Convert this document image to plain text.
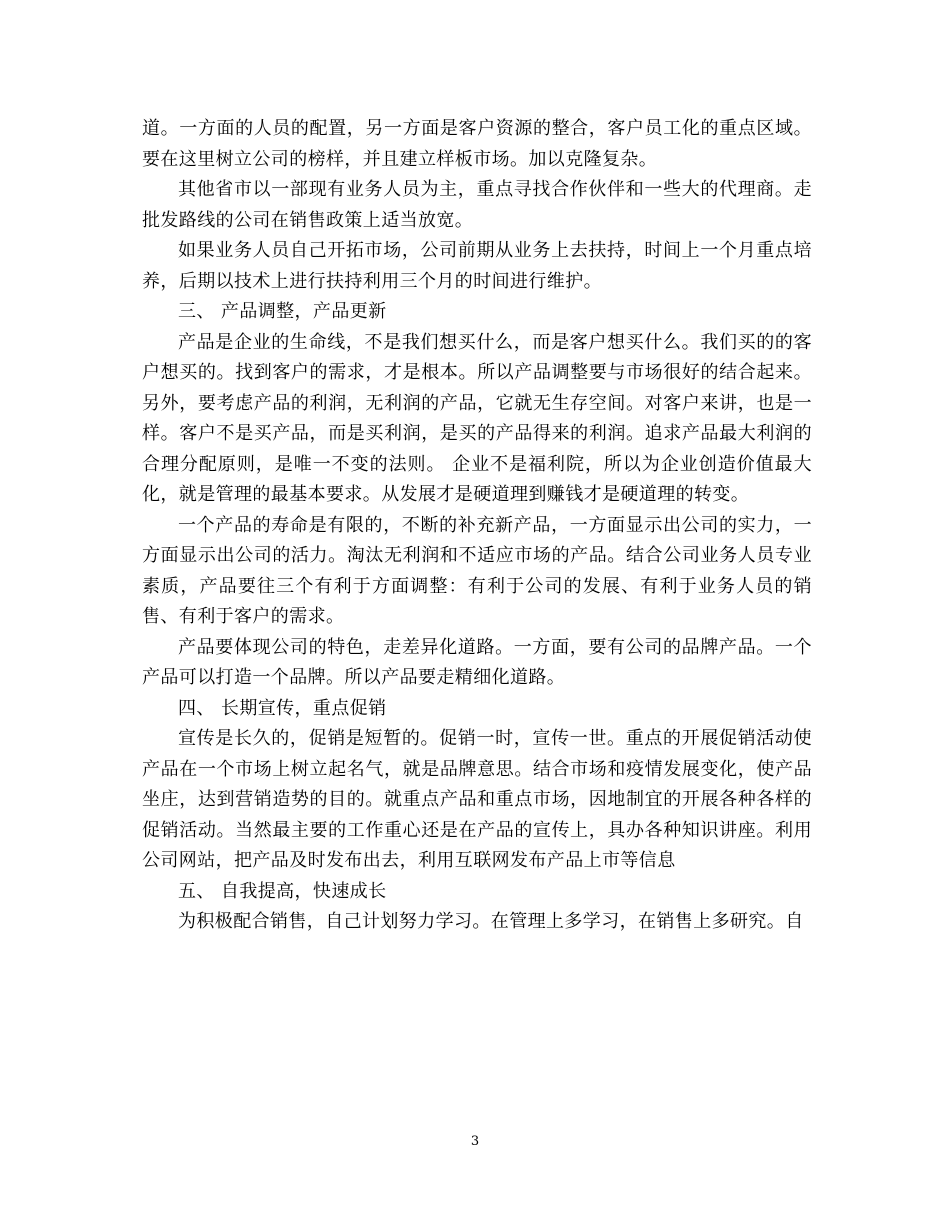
道。一方面的人员的配置，另一方面是客户资源的整合，客户员工化的重点区域。要在这里树立公司的榜样，并且建立样板市场。加以克隆复杂。

其他省市以一部现有业务人员为主，重点寻找合作伙伴和一些大的代理商。走批发路线的公司在销售政策上适当放宽。

如果业务人员自己开拓市场，公司前期从业务上去扶持，时间上一个月重点培养，后期以技术上进行扶持利用三个月的时间进行维护。

三、 产品调整，产品更新

产品是企业的生命线，不是我们想买什么，而是客户想买什么。我们买的的客户想买的。找到客户的需求，才是根本。所以产品调整要与市场很好的结合起来。另外，要考虑产品的利润，无利润的产品，它就无生存空间。对客户来讲，也是一样。客户不是买产品，而是买利润，是买的产品得来的利润。追求产品最大利润的合理分配原则，是唯一不变的法则。 企业不是福利院，所以为企业创造价值最大化，就是管理的最基本要求。从发展才是硬道理到赚钱才是硬道理的转变。

一个产品的寿命是有限的，不断的补充新产品，一方面显示出公司的实力，一方面显示出公司的活力。淘汰无利润和不适应市场的产品。结合公司业务人员专业素质，产品要往三个有利于方面调整：有利于公司的发展、有利于业务人员的销售、有利于客户的需求。

产品要体现公司的特色，走差异化道路。一方面，要有公司的品牌产品。一个产品可以打造一个品牌。所以产品要走精细化道路。

四、 长期宣传，重点促销

宣传是长久的，促销是短暂的。促销一时，宣传一世。重点的开展促销活动使产品在一个市场上树立起名气，就是品牌意思。结合市场和疫情发展变化，使产品坐庄，达到营销造势的目的。就重点产品和重点市场，因地制宜的开展各种各样的促销活动。当然最主要的工作重心还是在产品的宣传上，具办各种知识讲座。利用公司网站，把产品及时发布出去，利用互联网发布产品上市等信息

五、 自我提高，快速成长

为积极配合销售，自己计划努力学习。在管理上多学习，在销售上多研究。自

3
